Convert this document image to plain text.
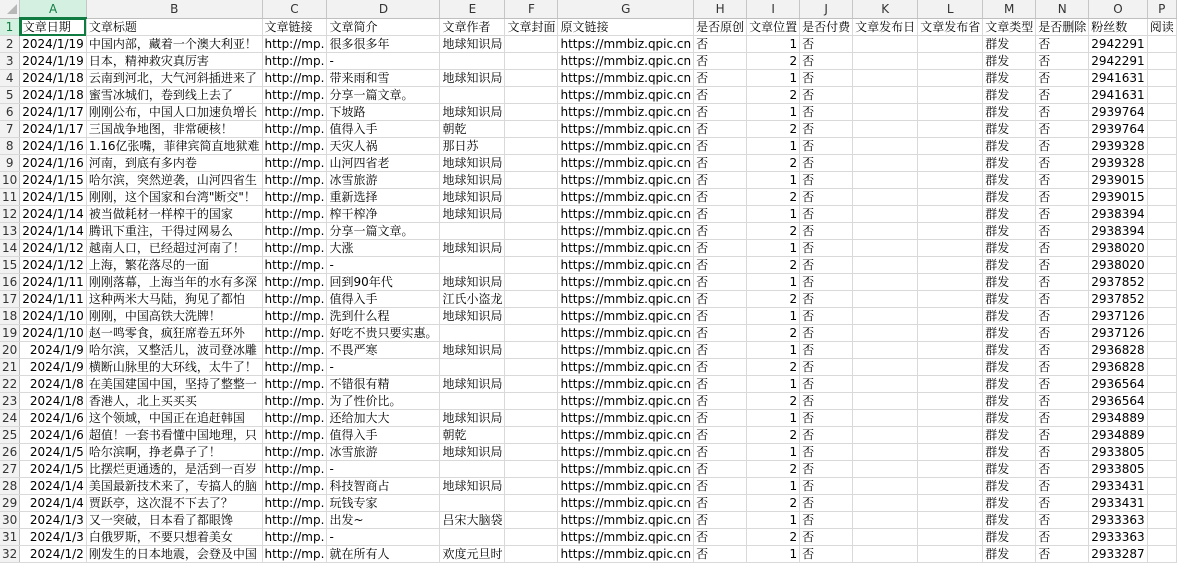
	A	B	C	D	E	F	G	H	I	J	K	L	M	N	O	P
1	文章日期	文章标题	文章链接	文章简介	文章作者	文章封面	原文链接	是否原创	文章位置	是否付费	文章发布日	文章发布省	文章类型	是否删除	粉丝数	阅读
2	2024/1/19	中国内部，藏着一个澳大利亚！	http://mp.	很多很多年	地球知识局		https://mmbiz.qpic.cn	否	1	否			群发	否	2942291	
3	2024/1/19	日本，精神救灾真厉害	http://mp.	-			https://mmbiz.qpic.cn	否	2	否			群发	否	2942291	
4	2024/1/18	云南到河北，大气河斜插进来了	http://mp.	带来雨和雪	地球知识局		https://mmbiz.qpic.cn	否	1	否			群发	否	2941631	
5	2024/1/18	蜜雪冰城们，卷到线上去了	http://mp.	分享一篇文章。			https://mmbiz.qpic.cn	否	2	否			群发	否	2941631	
6	2024/1/17	刚刚公布，中国人口加速负增长	http://mp.	下坡路	地球知识局		https://mmbiz.qpic.cn	否	1	否			群发	否	2939764	
7	2024/1/17	三国战争地图，非常硬核！	http://mp.	值得入手	朝乾		https://mmbiz.qpic.cn	否	2	否			群发	否	2939764	
8	2024/1/16	1.16亿张嘴，菲律宾简直地狱难	http://mp.	天灾人祸	那日苏		https://mmbiz.qpic.cn	否	1	否			群发	否	2939328	
9	2024/1/16	河南，到底有多内卷	http://mp.	山河四省老	地球知识局		https://mmbiz.qpic.cn	否	2	否			群发	否	2939328	
10	2024/1/15	哈尔滨，突然逆袭，山河四省生	http://mp.	冰雪旅游	地球知识局		https://mmbiz.qpic.cn	否	1	否			群发	否	2939015	
11	2024/1/15	刚刚，这个国家和台湾"断交"！	http://mp.	重新选择	地球知识局		https://mmbiz.qpic.cn	否	2	否			群发	否	2939015	
12	2024/1/14	被当做耗材一样榨干的国家	http://mp.	榨干榨净	地球知识局		https://mmbiz.qpic.cn	否	1	否			群发	否	2938394	
13	2024/1/14	腾讯下重注，干得过网易么	http://mp.	分享一篇文章。			https://mmbiz.qpic.cn	否	2	否			群发	否	2938394	
14	2024/1/12	越南人口，已经超过河南了！	http://mp.	大涨	地球知识局		https://mmbiz.qpic.cn	否	1	否			群发	否	2938020	
15	2024/1/12	上海，繁花落尽的一面	http://mp.	-			https://mmbiz.qpic.cn	否	2	否			群发	否	2938020	
16	2024/1/11	刚刚落幕，上海当年的水有多深	http://mp.	回到90年代	地球知识局		https://mmbiz.qpic.cn	否	1	否			群发	否	2937852	
17	2024/1/11	这种两米大马陆，狗见了都怕	http://mp.	值得入手	江氏小盗龙		https://mmbiz.qpic.cn	否	2	否			群发	否	2937852	
18	2024/1/10	刚刚，中国高铁大洗牌！	http://mp.	洗到什么程	地球知识局		https://mmbiz.qpic.cn	否	1	否			群发	否	2937126	
19	2024/1/10	赵一鸣零食，疯狂席卷五环外	http://mp.	好吃不贵只要实惠。			https://mmbiz.qpic.cn	否	2	否			群发	否	2937126	
20	2024/1/9	哈尔滨，又整活儿，波司登冰雕	http://mp.	不畏严寒	地球知识局		https://mmbiz.qpic.cn	否	1	否			群发	否	2936828	
21	2024/1/9	横断山脉里的大环线，太牛了！	http://mp.	-			https://mmbiz.qpic.cn	否	2	否			群发	否	2936828	
22	2024/1/8	在美国建国中国，坚持了整整一	http://mp.	不错很有精	地球知识局		https://mmbiz.qpic.cn	否	1	否			群发	否	2936564	
23	2024/1/8	香港人，北上买买买	http://mp.	为了性价比。			https://mmbiz.qpic.cn	否	2	否			群发	否	2936564	
24	2024/1/6	这个领域，中国正在追赶韩国	http://mp.	还给加大大	地球知识局		https://mmbiz.qpic.cn	否	1	否			群发	否	2934889	
25	2024/1/6	超值！一套书看懂中国地理，只	http://mp.	值得入手	朝乾		https://mmbiz.qpic.cn	否	2	否			群发	否	2934889	
26	2024/1/5	哈尔滨啊，挣老鼻子了！	http://mp.	冰雪旅游	地球知识局		https://mmbiz.qpic.cn	否	1	否			群发	否	2933805	
27	2024/1/5	比摆烂更通透的，是活到一百岁	http://mp.	-			https://mmbiz.qpic.cn	否	2	否			群发	否	2933805	
28	2024/1/4	美国最新技术来了，专搞人的脑	http://mp.	科技智商占	地球知识局		https://mmbiz.qpic.cn	否	1	否			群发	否	2933431	
29	2024/1/4	贾跃亭，这次混不下去了？	http://mp.	玩钱专家			https://mmbiz.qpic.cn	否	2	否			群发	否	2933431	
30	2024/1/3	又一突破，日本看了都眼馋	http://mp.	出发~	吕宋大脑袋		https://mmbiz.qpic.cn	否	1	否			群发	否	2933363	
31	2024/1/3	白俄罗斯，不要只想着美女	http://mp.	-			https://mmbiz.qpic.cn	否	2	否			群发	否	2933363	
32	2024/1/2	刚发生的日本地震，会登及中国	http://mp.	就在所有人	欢度元旦时		https://mmbiz.qpic.cn	否	1	否			群发	否	2933287	
